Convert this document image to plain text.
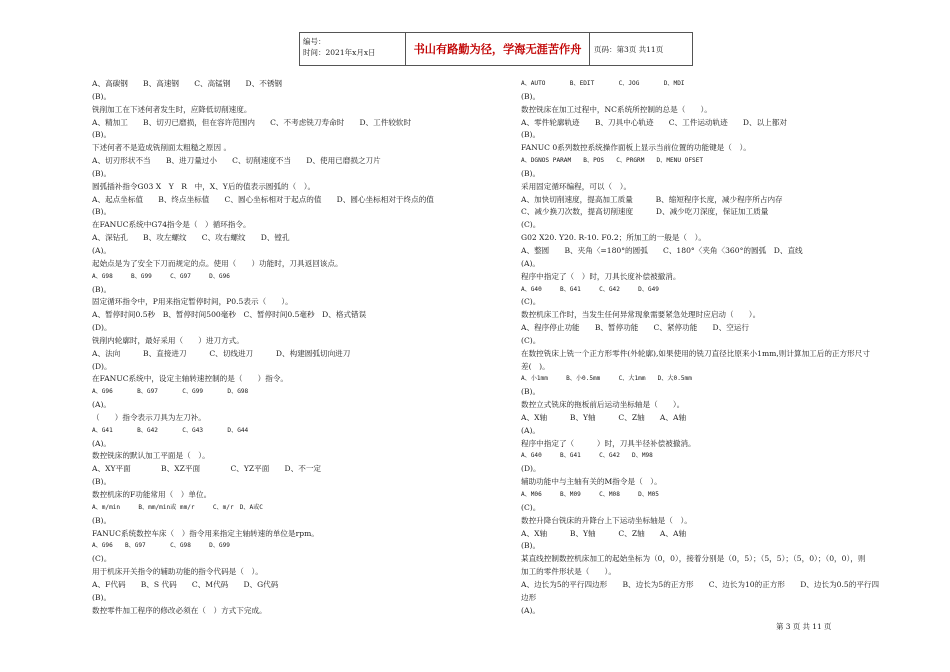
编号：
时间：2021年x月x日	书山有路勤为径，学海无涯苦作舟	页码：第3页 共11页
A、高碳钢　　B、高速钢　　C、高锰钢　　D、不锈钢
(B)。
铣削加工在下述何者发生时，应降低切削速度。
A、精加工　　B、切刃已磨损，但在容许范围内　　C、不考虑铣刀寿命时　　D、工件较软时
(B)。
下述何者不是造成铣削面太粗糙之原因 。
A、切刃形状不当　　B、进刀量过小　　C、切削速度不当　　D、使用已磨损之刀片
(B)。
圆弧插补指令G03 X　Y　R　中，X、Y后的值表示圆弧的（　）。
A、起点坐标值　　B、终点坐标值　　C、圆心坐标相对于起点的值　　D、圆心坐标相对于终点的值
(B)。
在FANUC系统中G74指令是（　）循环指令。
A、深钻孔　　B、攻左螺纹　　C、攻右螺纹　　D、镗孔
(A)。
起始点是为了安全下刀而规定的点。使用（　　）功能时，刀具返回该点。
A、G98　　　B、G99　　　C、G97　　　D、G96
(B)。
固定循环指令中，P用来指定暂停时间，P0.5表示（　　）。
A、暂停时间0.5秒　B、暂停时间500毫秒　C、暂停时间0.5毫秒　D、格式错误
(D)。
铣削内轮廓时，最好采用（　　）进刀方式。
A、法向　　　B、直接进刀　　　C、切线进刀　　　D、构建圆弧切向进刀
(D)。
在FANUC系统中，设定主轴转速控制的是（　　）指令。
A、G96　　　　B、G97　　　　C、G99　　　　D、G98
(A)。
（　　）指令表示刀具为左刀补。
A、G41　　　　B、G42　　　　C、G43　　　　D、G44
(A)。
数控铣床的默认加工平面是（　）。
A、XY平面　　　　B、XZ平面　　　　C、YZ平面　　D、不一定
(B)。
数控机床的F功能常用（　）单位。
A、m/min　　　B、mm/min或 mm/r　　　C、m/r　D、A或C
(B)。
FANUC系统数控车床（　）指令用来指定主轴转速的单位是rpm。
A、G96　　B、G97　　　　C、G98　　　D、G99
(C)。
用于机床开关指令的辅助功能的指令代码是（　）。
A、F代码　　B、S 代码　　C、M代码　　D、G代码
(B)。
数控零件加工程序的修改必须在（　）方式下完成。
A、AUTO　　　　B、EDIT　　　　C、JOG　　　　D、MDI
(B)。
数控铣床在加工过程中，NC系统所控制的总是（　　）。
A、零件轮廓轨迹　　B、刀具中心轨迹　　C、工件运动轨迹　　D、以上都对
(B)。
FANUC 0系列数控系统操作面板上显示当前位置的功能键是（　）。
A、DGNOS PARAM　　B、POS　　C、PRGRM　　D、MENU OFSET
(B)。
采用固定循环编程，可以（　）。
A、加快切削速度，提高加工质量　　　B、缩短程序长度，减少程序所占内存
C、减少换刀次数，提高切削速度　　　D、减少吃刀深度，保证加工质量
(C)。
G02 X20. Y20. R-10. F0.2；所加工的一般是（　）。
A、整圆　　B、夹角〈=180°的圆弧　　C、180°〈夹角〈360°的圆弧　D、直线
(A)。
程序中指定了（　）时，刀具长度补偿被撤消。
A、G40　　　B、G41　　　C、G42　　　D、G49
(C)。
数控机床工作时，当发生任何异常现象需要紧急处理时应启动（　　）。
A、程序停止功能　　B、暂停功能　　C、紧停功能　　D、空运行
(C)。
在数控铣床上铣一个正方形零件(外轮廓),如果使用的铣刀直径比原来小1mm,则计算加工后的正方形尺寸
差(　)。
A、小1mm　　　B、小0.5mm　　　C、大1mm　　D、大0.5mm
(B)。
数控立式铣床的拖板前后运动坐标轴是（　　）。
A、X轴　　　B、Y轴　　　C、Z轴　　A、A轴
(A)。
程序中指定了（　　　）时，刀具半径补偿被撤消。
A、G40　　　B、G41　　　C、G42　　D、M98
(D)。
辅助功能中与主轴有关的M指令是（　）。
A、M06　　　B、M09　　　C、M08　　　D、M05
(C)。
数控升降台铣床的升降台上下运动坐标轴是（　）。
A、X轴　　　B、Y轴　　　C、Z轴　　A、A轴
(B)。
某直线控制数控机床加工的起始坐标为（0，0），接着分别是（0，5）；（5，5）；（5，0）；（0，0），则
加工的零件形状是（　　）。
A、边长为5的平行四边形　　B、边长为5的正方形　　C、边长为10的正方形　　D、边长为0.5的平行四
边形
(A)。
第 3 页 共 11 页
